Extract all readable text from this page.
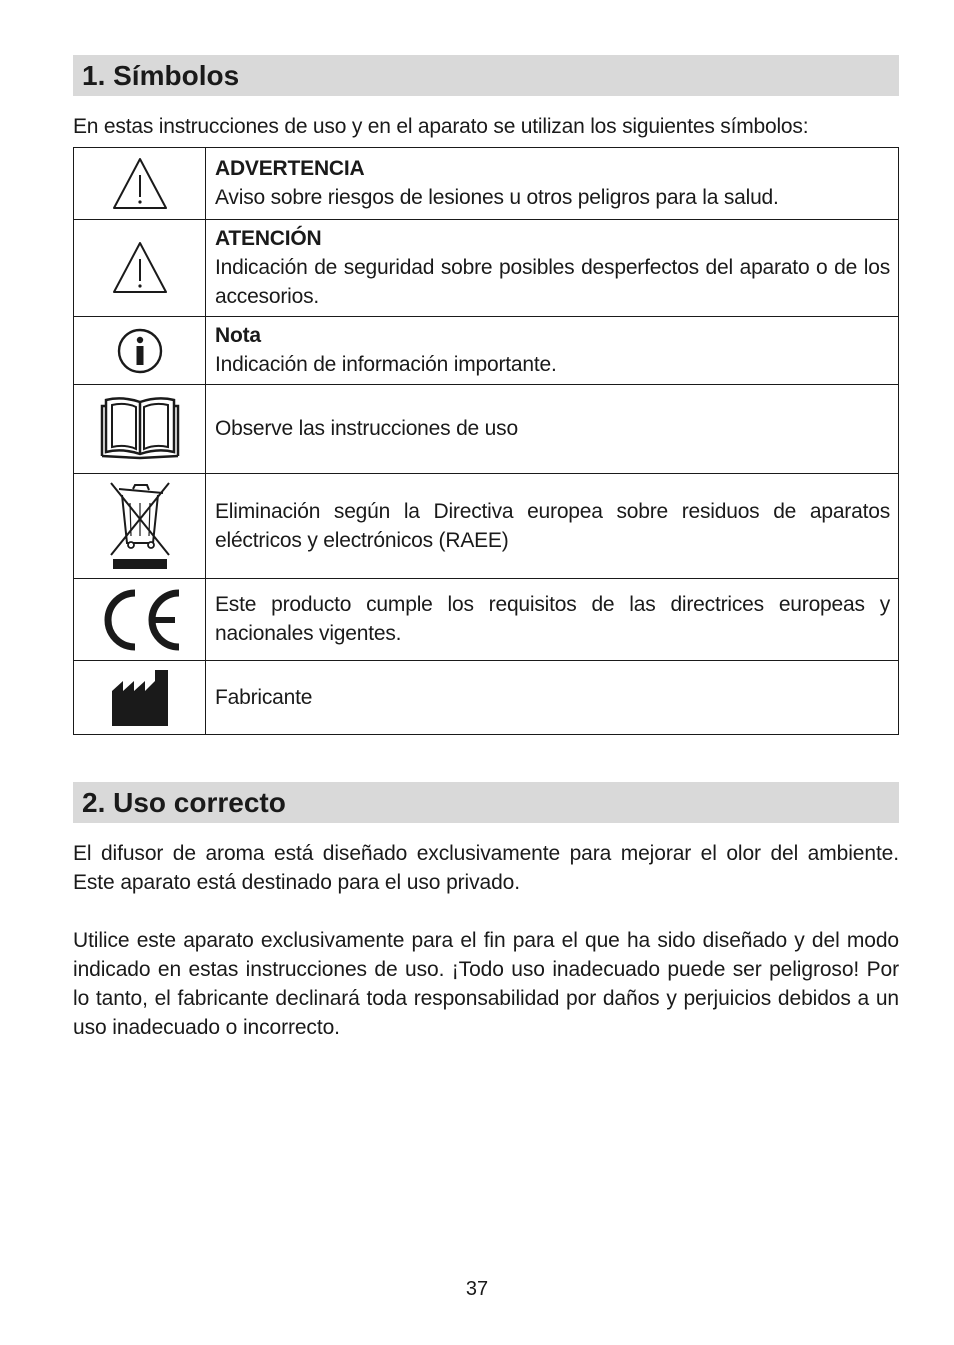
1. Símbolos
En estas instrucciones de uso y en el aparato se utilizan los siguientes símbolos:

ADVERTENCIA
Aviso sobre riesgos de lesiones u otros peligros para la salud.

ATENCIÓN
Indicación de seguridad sobre posibles desperfectos del aparato o de los accesorios.

Nota
Indicación de información importante.

Observe las instrucciones de uso

Eliminación según la Directiva europea sobre residuos de aparatos eléctricos y electrónicos (RAEE)

Este producto cumple los requisitos de las directrices europeas y nacionales vigentes.

Fabricante
2. Uso correcto

El difusor de aroma está diseñado exclusivamente para mejorar el olor del ambiente. Este aparato está destinado para el uso privado.

Utilice este aparato exclusivamente para el fin para el que ha sido diseñado y del modo indicado en estas instrucciones de uso. ¡Todo uso inadecuado puede ser peligroso! Por lo tanto, el fabricante declinará toda responsabilidad por daños y perjuicios debidos a un uso inadecuado o incorrecto.

37
